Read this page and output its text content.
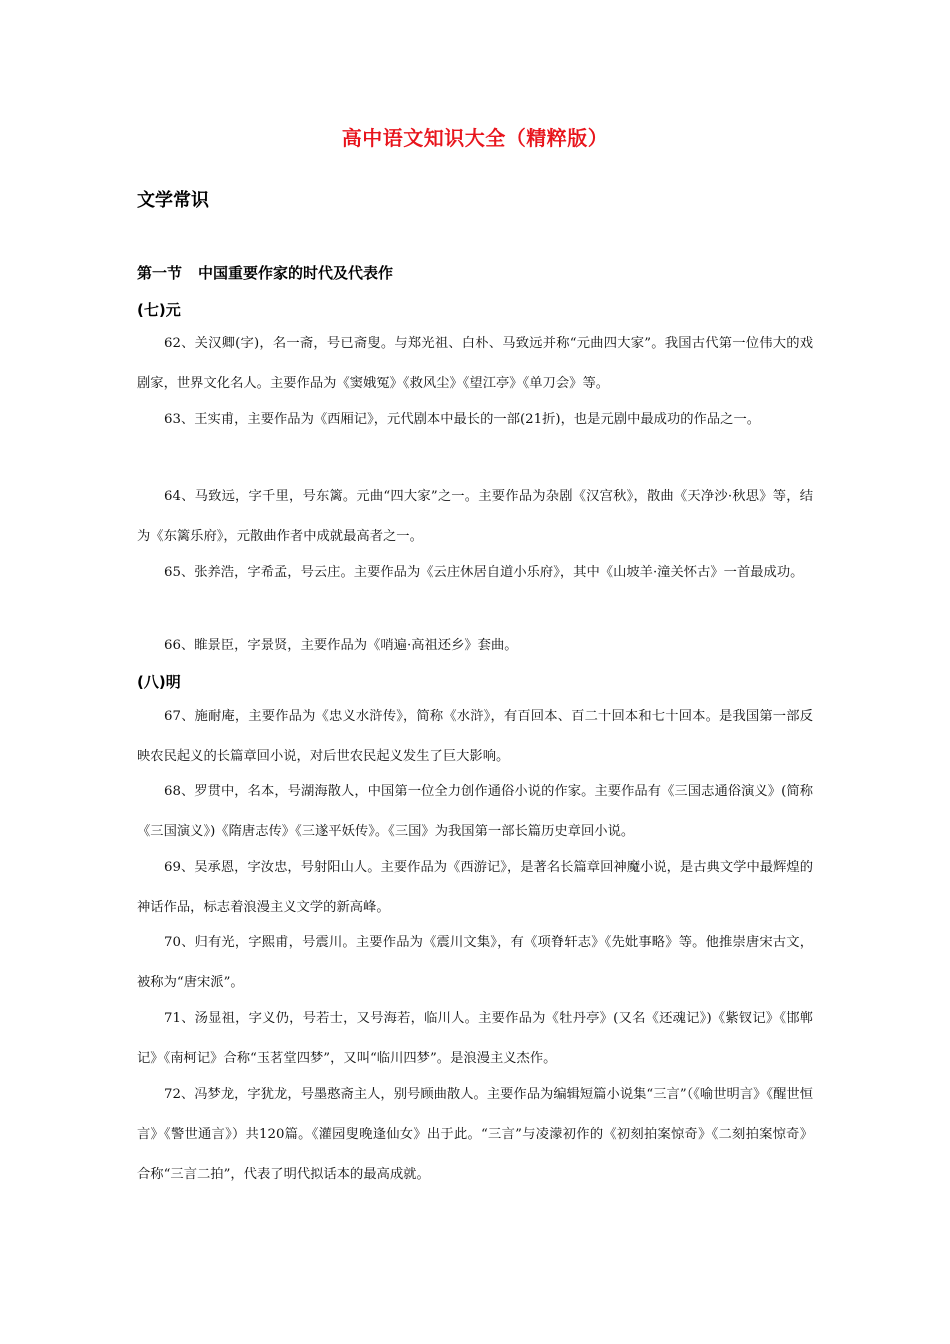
高中语文知识大全（精粹版）
文学常识
第一节 中国重要作家的时代及代表作
(七)元

62、关汉卿(字)，名一斋，号已斋叟。与郑光祖、白朴、马致远并称“元曲四大家”。我国古代第一位伟大的戏剧家，世界文化名人。主要作品为《窦娥冤》《救风尘》《望江亭》《单刀会》等。

63、王实甫，主要作品为《西厢记》，元代剧本中最长的一部(21折)，也是元剧中最成功的作品之一。

64、马致远，字千里，号东篱。元曲“四大家”之一。主要作品为杂剧《汉宫秋》，散曲《天净沙·秋思》等，结为《东篱乐府》，元散曲作者中成就最高者之一。

65、张养浩，字希孟，号云庄。主要作品为《云庄休居自道小乐府》，其中《山坡羊·潼关怀古》一首最成功。

66、睢景臣，字景贤，主要作品为《哨遍·高祖还乡》套曲。

(八)明

67、施耐庵，主要作品为《忠义水浒传》，简称《水浒》，有百回本、百二十回本和七十回本。是我国第一部反映农民起义的长篇章回小说，对后世农民起义发生了巨大影响。

68、罗贯中，名本，号湖海散人，中国第一位全力创作通俗小说的作家。主要作品有《三国志通俗演义》(简称《三国演义》)《隋唐志传》《三遂平妖传》。《三国》为我国第一部长篇历史章回小说。

69、吴承恩，字汝忠，号射阳山人。主要作品为《西游记》，是著名长篇章回神魔小说，是古典文学中最辉煌的神话作品，标志着浪漫主义文学的新高峰。

70、归有光，字熙甫，号震川。主要作品为《震川文集》，有《项脊轩志》《先妣事略》等。他推崇唐宋古文，被称为“唐宋派”。

71、汤显祖，字义仍，号若士，又号海若，临川人。主要作品为《牡丹亭》(又名《还魂记》)《紫钗记》《邯郸记》《南柯记》合称“玉茗堂四梦”，又叫“临川四梦”。是浪漫主义杰作。

72、冯梦龙，字犹龙，号墨憨斋主人，别号顾曲散人。主要作品为编辑短篇小说集“三言”（《喻世明言》《醒世恒言》《警世通言》）共120篇。《灌园叟晚逢仙女》出于此。“三言”与凌濛初作的《初刻拍案惊奇》《二刻拍案惊奇》合称“三言二拍”，代表了明代拟话本的最高成就。
